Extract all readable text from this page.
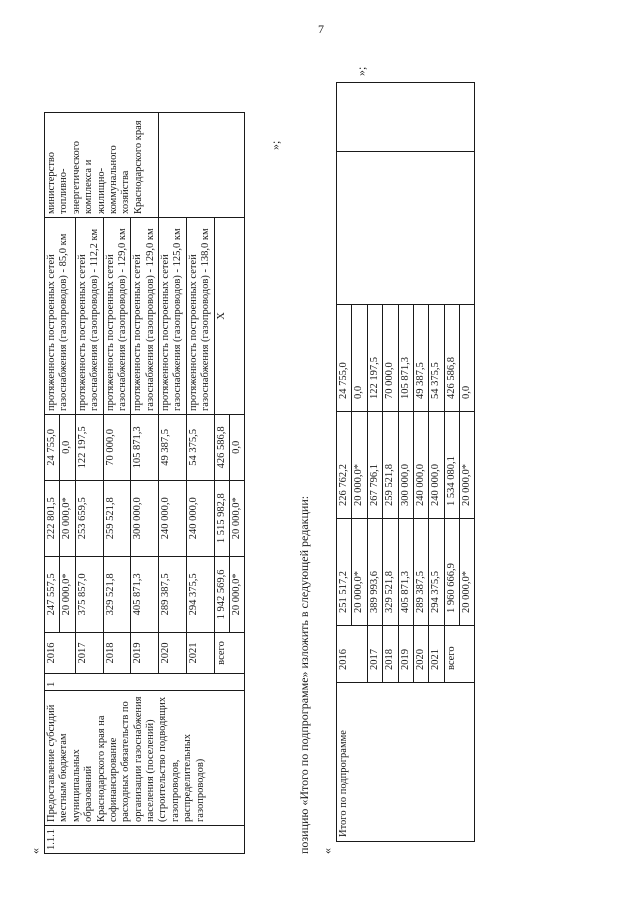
7
«
»;
1.1.1	Предоставление субсидий местным бюджетам муниципальных образований Краснодарского края на софинансирование расходных обязательств по организации газоснабжения населения (поселений) (строительство подводящих газопроводов, распределительных газопроводов)	1	2016	247 557,5	222 801,5	24 755,0	протяженность построенных сетей газоснабжения (газопроводов) - 85,0 км	министерство топливно-энергетического комплекса и жилищно-коммунального хозяйства Краснодарского края
				20 000,0*	20 000,0*	0,0		
			2017	375 857,0	253 659,5	122 197,5	протяженность построенных сетей газоснабжения (газопроводов) - 112,2 км	
			2018	329 521,8	259 521,8	70 000,0	протяженность построенных сетей газоснабжения (газопроводов) - 129,0 км	
			2019	405 871,3	300 000,0	105 871,3	протяженность построенных сетей газоснабжения (газопроводов) - 129,0 км	
			2020	289 387,5	240 000,0	49 387,5	протяженность построенных сетей газоснабжения (газопроводов) - 125,0 км	
			2021	294 375,5	240 000,0	54 375,5	протяженность построенных сетей газоснабжения (газопроводов) - 138,0 км	
			всего	1 942 569,6	1 515 982,8	426 586,8	X	
				20 000,0*	20 000,0*	0,0		
позицию «Итого по подпрограмме» изложить в следующей редакции: «
»;
Итого по подпрограмме	2016	251 517,2	226 762,2	24 755,0		
		20 000,0*	20 000,0*	0,0		
	2017	389 993,6	267 796,1	122 197,5		
	2018	329 521,8	259 521,8	70 000,0		
	2019	405 871,3	300 000,0	105 871,3		
	2020	289 387,5	240 000,0	49 387,5		
	2021	294 375,5	240 000,0	54 375,5		
	всего	1 960 666,9	1 534 080,1	426 586,8		
		20 000,0*	20 000,0*	0,0		
